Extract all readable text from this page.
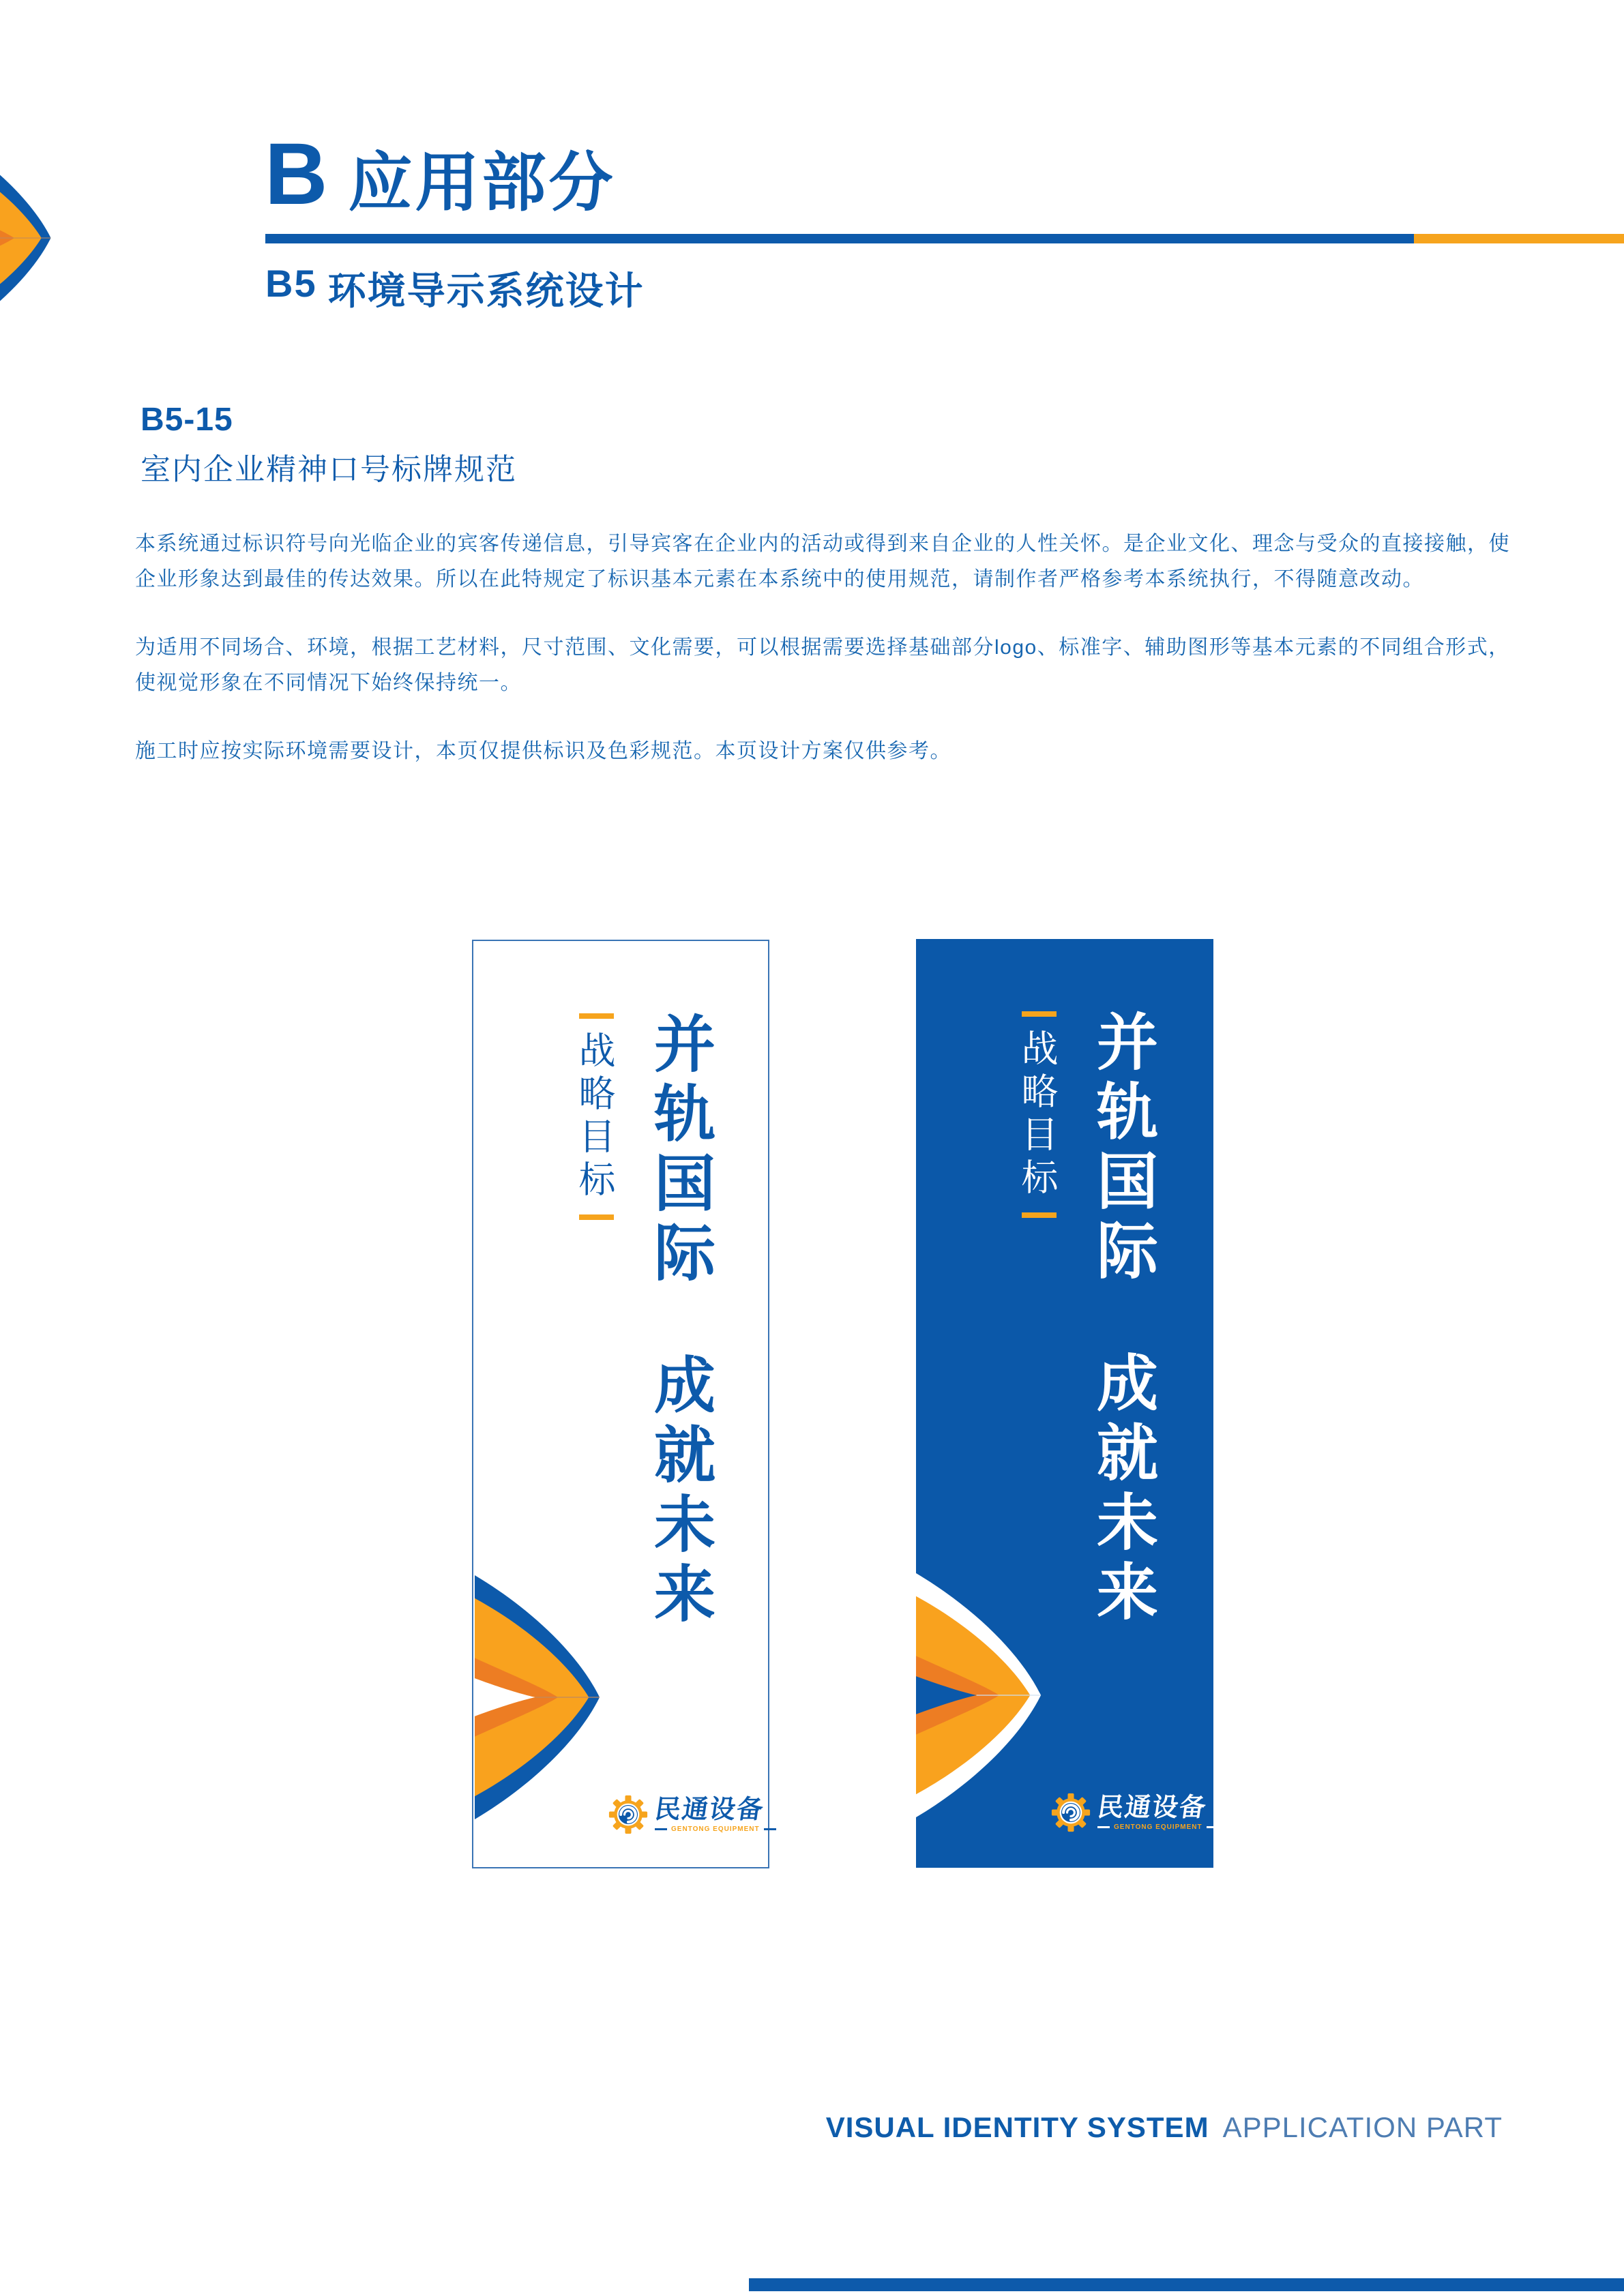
B 应用部分
B5 环境导示系统设计
B5-15
室内企业精神口号标牌规范
本系统通过标识符号向光临企业的宾客传递信息，引导宾客在企业内的活动或得到来自企业的人性关怀。是企业文化、理念与受众的直接接触，使
企业形象达到最佳的传达效果。所以在此特规定了标识基本元素在本系统中的使用规范，请制作者严格参考本系统执行，不得随意改动。
为适用不同场合、环境，根据工艺材料，尺寸范围、文化需要，可以根据需要选择基础部分logo、标准字、辅助图形等基本元素的不同组合形式，
使视觉形象在不同情况下始终保持统一。
施工时应按实际环境需要设计，本页仅提供标识及色彩规范。本页设计方案仅供参考。
战略目标 并轨国际
成就未来
民通设备
GENTONG EQUIPMENT
战略目标 并轨国际
成就未来
民通设备
GENTONG EQUIPMENT
VISUAL IDENTITY SYSTEM APPLICATION PART
